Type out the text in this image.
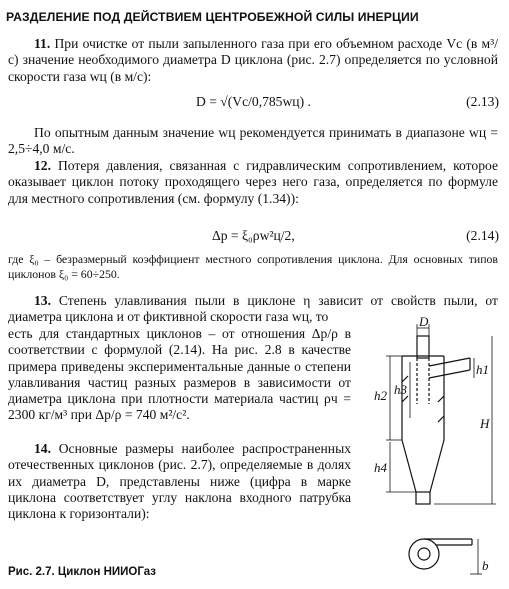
РАЗДЕЛЕНИЕ ПОД ДЕЙСТВИЕМ ЦЕНТРОБЕЖНОЙ СИЛЫ ИНЕРЦИИ

11. При очистке от пыли запыленного газа при его объемном расходе Vс (в м³/с) значение необходимого диаметра D циклона (рис. 2.7) определяется по условной скорости газа wц (в м/с):

D = √(Vс/0,785wц) .	(2.13)

По опытным данным значение wц рекомендуется принимать в диапазоне wц = 2,5÷4,0 м/с.

12. Потеря давления, связанная с гидравлическим сопротивлением, которое оказывает циклон потоку проходящего через него газа, определяется по формуле для местного сопротивления (см. формулу (1.34)):

Δp = ξ₀ρw²ц/2,	(2.14)

где ξ₀ – безразмерный коэффициент местного сопротивления циклона. Для основных типов циклонов ξ₀ = 60÷250.

13. Степень улавливания пыли в циклоне η зависит от свойств пыли, от диаметра циклона и от фиктивной скорости газа wц, то

есть для стандартных циклонов – от отношения Δp/ρ в соответствии с формулой (2.14). На рис. 2.8 в качестве примера приведены экспериментальные данные о степени улавливания частиц разных размеров в зависимости от диаметра циклона при плотности материала частиц ρч = 2300 кг/м³ при Δp/ρ = 740 м²/с².

14. Основные размеры наиболее распространенных отечественных циклонов (рис. 2.7), определяемые в долях их диаметра D, представлены ниже (цифра в марке циклона соответствует углу наклона входного патрубка циклона к горизонтали):

D
h1
h2 h3
h4
H
b
Рис. 2.7. Циклон НИИОГаз
